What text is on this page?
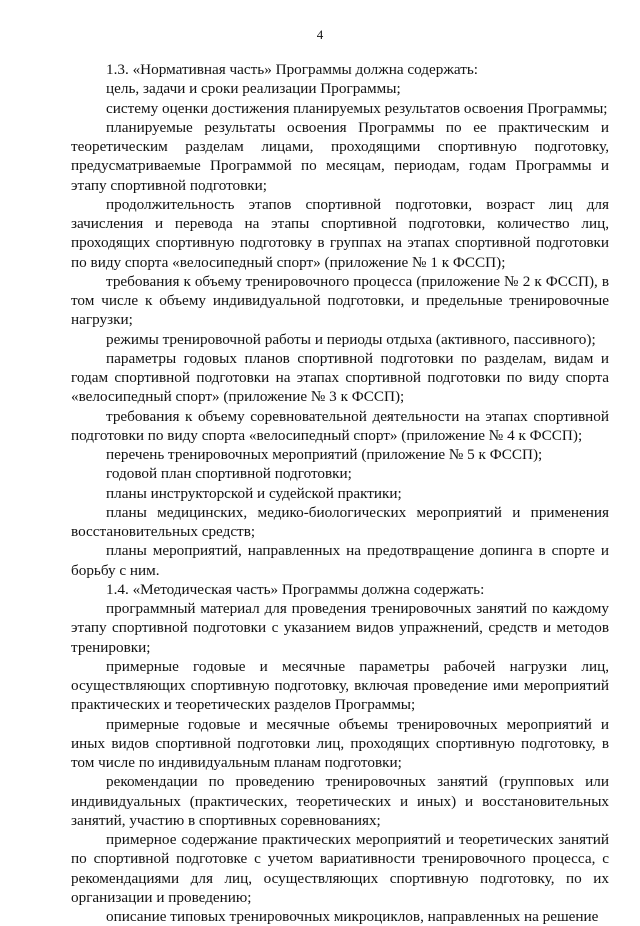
4

1.3. «Нормативная часть» Программы должна содержать:

цель, задачи и сроки реализации Программы;

систему оценки достижения планируемых результатов освоения Программы;

планируемые результаты освоения Программы по ее практическим и теоретическим разделам лицами, проходящими спортивную подготовку, предусматриваемые Программой по месяцам, периодам, годам Программы и этапу спортивной подготовки;

продолжительность этапов спортивной подготовки, возраст лиц для зачисления и перевода на этапы спортивной подготовки, количество лиц, проходящих спортивную подготовку в группах на этапах спортивной подготовки по виду спорта «велосипедный спорт» (приложение № 1 к ФССП);

требования к объему тренировочного процесса (приложение № 2 к ФССП), в том числе к объему индивидуальной подготовки, и предельные тренировочные нагрузки;

режимы тренировочной работы и периоды отдыха (активного, пассивного);

параметры годовых планов спортивной подготовки по разделам, видам и годам спортивной подготовки на этапах спортивной подготовки по виду спорта «велосипедный спорт» (приложение № 3 к ФССП);

требования к объему соревновательной деятельности на этапах спортивной подготовки по виду спорта «велосипедный спорт» (приложение № 4 к ФССП);

перечень тренировочных мероприятий (приложение № 5 к ФССП);

годовой план спортивной подготовки;

планы инструкторской и судейской практики;

планы медицинских, медико-биологических мероприятий и применения восстановительных средств;

планы мероприятий, направленных на предотвращение допинга в спорте и борьбу с ним.

1.4. «Методическая часть» Программы должна содержать:

программный материал для проведения тренировочных занятий по каждому этапу спортивной подготовки с указанием видов упражнений, средств и методов тренировки;

примерные годовые и месячные параметры рабочей нагрузки лиц, осуществляющих спортивную подготовку, включая проведение ими мероприятий практических и теоретических разделов Программы;

примерные годовые и месячные объемы тренировочных мероприятий и иных видов спортивной подготовки лиц, проходящих спортивную подготовку, в том числе по индивидуальным планам подготовки;

рекомендации по проведению тренировочных занятий (групповых или индивидуальных (практических, теоретических и иных) и восстановительных занятий, участию в спортивных соревнованиях;

примерное содержание практических мероприятий и теоретических занятий по спортивной подготовке с учетом вариативности тренировочного процесса, с рекомендациями для лиц, осуществляющих спортивную подготовку, по их организации и проведению;

описание типовых тренировочных микроциклов, направленных на решение
